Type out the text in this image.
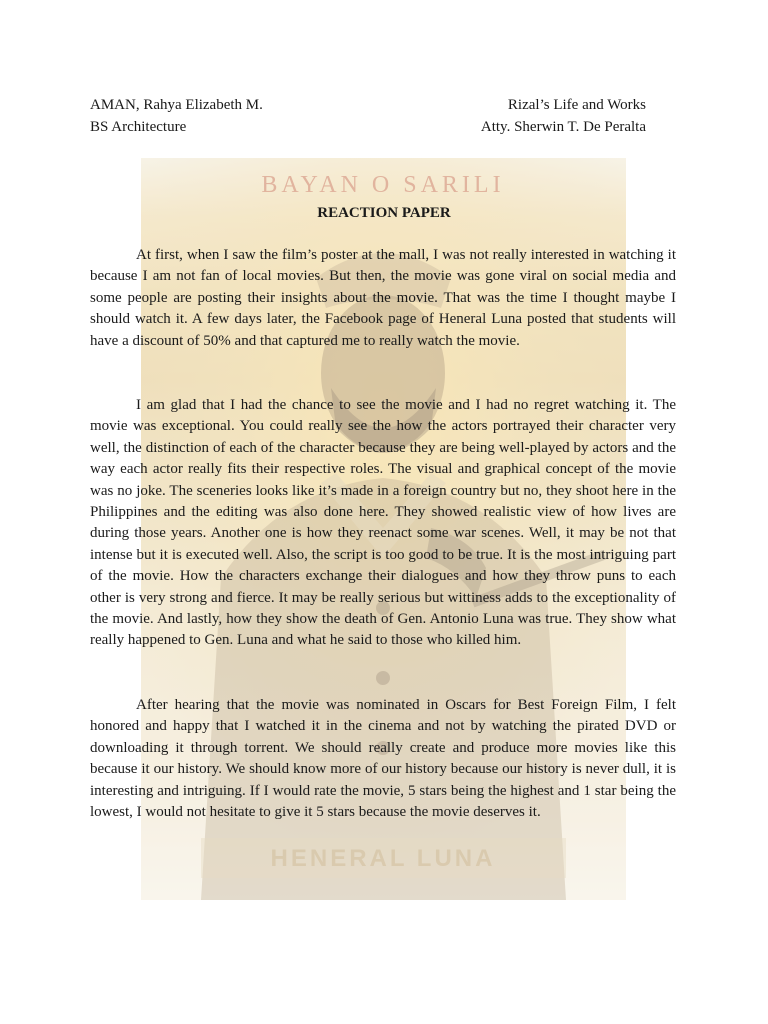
BAYAN O SARILI
HENERAL LUNA
AMAN, Rahya Elizabeth M.	Rizal’s Life and Works
BS Architecture	Atty. Sherwin T. De Peralta
REACTION PAPER

At first, when I saw the film’s poster at the mall, I was not really interested in watching it because I am not fan of local movies. But then, the movie was gone viral on social media and some people are posting their insights about the movie. That was the time I thought maybe I should watch it. A few days later, the Facebook page of Heneral Luna posted that students will have a discount of 50% and that captured me to really watch the movie.

I am glad that I had the chance to see the movie and I had no regret watching it. The movie was exceptional. You could really see the how the actors portrayed their character very well, the distinction of each of the character because they are being well-played by actors and the way each actor really fits their respective roles. The visual and graphical concept of the movie was no joke. The sceneries looks like it’s made in a foreign country but no, they shoot here in the Philippines and the editing was also done here. They showed realistic view of how lives are during those years. Another one is how they reenact some war scenes. Well, it may be not that intense but it is executed well. Also, the script is too good to be true. It is the most intriguing part of the movie. How the characters exchange their dialogues and how they throw puns to each other is very strong and fierce. It may be really serious but wittiness adds to the exceptionality of the movie. And lastly, how they show the death of Gen. Antonio Luna was true. They show what really happened to Gen. Luna and what he said to those who killed him.

After hearing that the movie was nominated in Oscars for Best Foreign Film, I felt honored and happy that I watched it in the cinema and not by watching the pirated DVD or downloading it through torrent. We should really create and produce more movies like this because it our history. We should know more of our history because our history is never dull, it is interesting and intriguing. If I would rate the movie, 5 stars being the highest and 1 star being the lowest, I would not hesitate to give it 5 stars because the movie deserves it.
